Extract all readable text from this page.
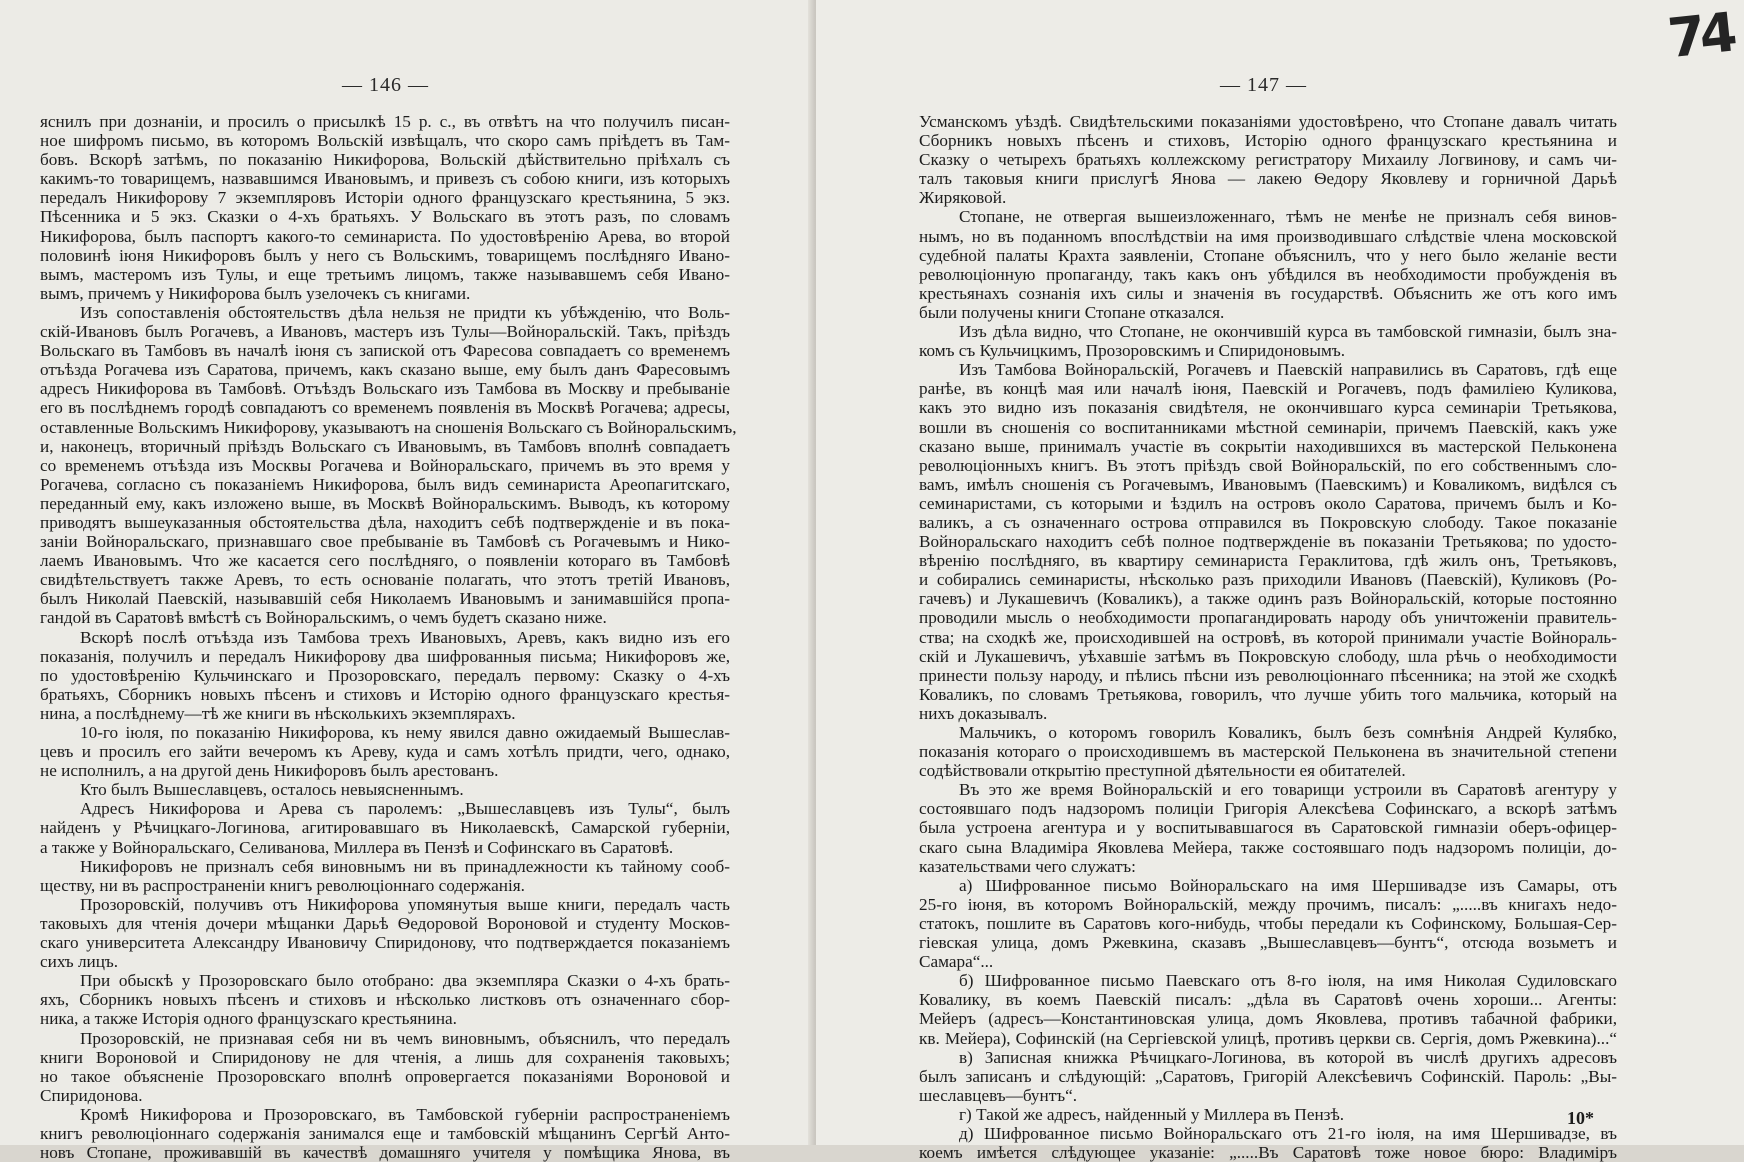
— 146 —
яснилъ при дознаніи, и просилъ о присылкѣ 15 р. с., въ отвѣтъ на что получилъ писан-
ное шифромъ письмо, въ которомъ Вольскій извѣщалъ, что скоро самъ пріѣдетъ въ Там-
бовъ. Вскорѣ затѣмъ, по показанію Никифорова, Вольскій дѣйствительно пріѣхалъ съ
какимъ-то товарищемъ, назвавшимся Ивановымъ, и привезъ съ собою книги, изъ которыхъ
передалъ Никифорову 7 экземпляровъ Исторіи одного французскаго крестьянина, 5 экз.
Пѣсенника и 5 экз. Сказки о 4-хъ братьяхъ. У Вольскаго въ этотъ разъ, по словамъ
Никифорова, былъ паспортъ какого-то семинариста. По удостовѣренію Арева, во второй
половинѣ іюня Никифоровъ былъ у него съ Вольскимъ, товарищемъ послѣдняго Ивано-
вымъ, мастеромъ изъ Тулы, и еще третьимъ лицомъ, также называвшемъ себя Ивано-
вымъ, причемъ у Никифорова былъ узелочекъ съ книгами.
Изъ сопоставленія обстоятельствъ дѣла нельзя не придти къ убѣжденію, что Воль-
скій-Ивановъ былъ Рогачевъ, а Ивановъ, мастеръ изъ Тулы—Войноральскій. Такъ, пріѣздъ
Вольскаго въ Тамбовъ въ началѣ іюня съ запиской отъ Фаресова совпадаетъ со временемъ
отъѣзда Рогачева изъ Саратова, причемъ, какъ сказано выше, ему былъ данъ Фаресовымъ
адресъ Никифорова въ Тамбовѣ. Отъѣздъ Вольскаго изъ Тамбова въ Москву и пребываніе
его въ послѣднемъ городѣ совпадаютъ со временемъ появленія въ Москвѣ Рогачева; адресы,
оставленные Вольскимъ Никифорову, указываютъ на сношенія Вольскаго съ Войноральскимъ,
и, наконецъ, вторичный пріѣздъ Вольскаго съ Ивановымъ, въ Тамбовъ вполнѣ совпадаетъ
со временемъ отъѣзда изъ Москвы Рогачева и Войноральскаго, причемъ въ это время у
Рогачева, согласно съ показаніемъ Никифорова, былъ видъ семинариста Ареопагитскаго,
переданный ему, какъ изложено выше, въ Москвѣ Войноральскимъ. Выводъ, къ которому
приводятъ вышеуказанныя обстоятельства дѣла, находитъ себѣ подтвержденіе и въ пока-
заніи Войноральскаго, признавшаго свое пребываніе въ Тамбовѣ съ Рогачевымъ и Нико-
лаемъ Ивановымъ. Что же касается сего послѣдняго, о появленіи котораго въ Тамбовѣ
свидѣтельствуетъ также Аревъ, то есть основаніе полагать, что этотъ третій Ивановъ,
былъ Николай Паевскій, называвшій себя Николаемъ Ивановымъ и занимавшійся пропа-
гандой въ Саратовѣ вмѣстѣ съ Войноральскимъ, о чемъ будетъ сказано ниже.
Вскорѣ послѣ отъѣзда изъ Тамбова трехъ Ивановыхъ, Аревъ, какъ видно изъ его
показанія, получилъ и передалъ Никифорову два шифрованныя письма; Никифоровъ же,
по удостовѣренію Кульчинскаго и Прозоровскаго, передалъ первому: Сказку о 4-хъ
братьяхъ, Сборникъ новыхъ пѣсенъ и стиховъ и Исторію одного французскаго крестья-
нина, а послѣднему—тѣ же книги въ нѣсколькихъ экземплярахъ.
10-го іюля, по показанію Никифорова, къ нему явился давно ожидаемый Вышеслав-
цевъ и просилъ его зайти вечеромъ къ Ареву, куда и самъ хотѣлъ придти, чего, однако,
не исполнилъ, а на другой день Никифоровъ былъ арестованъ.
Кто былъ Вышеславцевъ, осталось невыясненнымъ.
Адресъ Никифорова и Арева съ паролемъ: „Вышеславцевъ изъ Тулы“, былъ
найденъ у Рѣчицкаго-Логинова, агитировавшаго въ Николаевскѣ, Самарской губерніи,
а также у Войноральскаго, Селиванова, Миллера въ Пензѣ и Софинскаго въ Саратовѣ.
Никифоровъ не призналъ себя виновнымъ ни въ принадлежности къ тайному сооб-
ществу, ни въ распространеніи книгъ революціоннаго содержанія.
Прозоровскій, получивъ отъ Никифорова упомянутыя выше книги, передалъ часть
таковыхъ для чтенія дочери мѣщанки Дарьѣ Ѳедоровой Вороновой и студенту Москов-
скаго университета Александру Ивановичу Спиридонову, что подтверждается показаніемъ
сихъ лицъ.
При обыскѣ у Прозоровскаго было отобрано: два экземпляра Сказки о 4-хъ брать-
яхъ, Сборникъ новыхъ пѣсенъ и стиховъ и нѣсколько листковъ отъ означеннаго сбор-
ника, а также Исторія одного французскаго крестьянина.
Прозоровскій, не признавая себя ни въ чемъ виновнымъ, объяснилъ, что передалъ
книги Вороновой и Спиридонову не для чтенія, а лишь для сохраненія таковыхъ;
но такое объясненіе Прозоровскаго вполнѣ опровергается показаніями Вороновой и
Спиридонова.
Кромѣ Никифорова и Прозоровскаго, въ Тамбовской губерніи распространеніемъ
книгъ революціоннаго содержанія занимался еще и тамбовскій мѣщанинъ Сергѣй Анто-
новъ Стопане, проживавшій въ качествѣ домашняго учителя у помѣщика Янова, въ
— 147 —
Усманскомъ уѣздѣ. Свидѣтельскими показаніями удостовѣрено, что Стопане давалъ читать
Сборникъ новыхъ пѣсенъ и стиховъ, Исторію одного французскаго крестьянина и
Сказку о четырехъ братьяхъ коллежскому регистратору Михаилу Логвинову, и самъ чи-
талъ таковыя книги прислугѣ Янова — лакею Ѳедору Яковлеву и горничной Дарьѣ
Жиряковой.
Стопане, не отвергая вышеизложеннаго, тѣмъ не менѣе не призналъ себя винов-
нымъ, но въ поданномъ впослѣдствіи на имя производившаго слѣдствіе члена московской
судебной палаты Крахта заявленіи, Стопане объяснилъ, что у него было желаніе вести
революціонную пропаганду, такъ какъ онъ убѣдился въ необходимости пробужденія въ
крестьянахъ сознанія ихъ силы и значенія въ государствѣ. Объяснить же отъ кого имъ
были получены книги Стопане отказался.
Изъ дѣла видно, что Стопане, не окончившій курса въ тамбовской гимназіи, былъ зна-
комъ съ Кульчицкимъ, Прозоровскимъ и Спиридоновымъ.
Изъ Тамбова Войноральскій, Рогачевъ и Паевскій направились въ Саратовъ, гдѣ еще
ранѣе, въ концѣ мая или началѣ іюня, Паевскій и Рогачевъ, подъ фамиліею Куликова,
какъ это видно изъ показанія свидѣтеля, не окончившаго курса семинаріи Третьякова,
вошли въ сношенія со воспитанниками мѣстной семинаріи, причемъ Паевскій, какъ уже
сказано выше, принималъ участіе въ сокрытіи находившихся въ мастерской Пельконена
революціонныхъ книгъ. Въ этотъ пріѣздъ свой Войноральскій, по его собственнымъ сло-
вамъ, имѣлъ сношенія съ Рогачевымъ, Ивановымъ (Паевскимъ) и Коваликомъ, видѣлся съ
семинаристами, съ которыми и ѣздилъ на островъ около Саратова, причемъ былъ и Ко-
валикъ, а съ означеннаго острова отправился въ Покровскую слободу. Такое показаніе
Войноральскаго находитъ себѣ полное подтвержденіе въ показаніи Третьякова; по удосто-
вѣренію послѣдняго, въ квартиру семинариста Гераклитова, гдѣ жилъ онъ, Третьяковъ,
и собирались семинаристы, нѣсколько разъ приходили Ивановъ (Паевскій), Куликовъ (Ро-
гачевъ) и Лукашевичъ (Коваликъ), а также одинъ разъ Войноральскій, которые постоянно
проводили мысль о необходимости пропагандировать народу объ уничтоженіи правитель-
ства; на сходкѣ же, происходившей на островѣ, въ которой принимали участіе Войнораль-
скій и Лукашевичъ, уѣхавшіе затѣмъ въ Покровскую слободу, шла рѣчь о необходимости
принести пользу народу, и пѣлись пѣсни изъ революціоннаго пѣсенника; на этой же сходкѣ
Коваликъ, по словамъ Третьякова, говорилъ, что лучше убить того мальчика, который на
нихъ доказывалъ.
Мальчикъ, о которомъ говорилъ Коваликъ, былъ безъ сомнѣнія Андрей Кулябко,
показанія котораго о происходившемъ въ мастерской Пельконена въ значительной степени
содѣйствовали открытію преступной дѣятельности ея обитателей.
Въ это же время Войноральскій и его товарищи устроили въ Саратовѣ агентуру у
состоявшаго подъ надзоромъ полиціи Григорія Алексѣева Софинскаго, а вскорѣ затѣмъ
была устроена агентура и у воспитывавшагося въ Саратовской гимназіи оберъ-офицер-
скаго сына Владиміра Яковлева Мейера, также состоявшаго подъ надзоромъ полиціи, до-
казательствами чего служатъ:
а) Шифрованное письмо Войноральскаго на имя Шершивадзе изъ Самары, отъ
25-го іюня, въ которомъ Войноральскій, между прочимъ, писалъ: „.....въ книгахъ недо-
статокъ, пошлите въ Саратовъ кого-нибудь, чтобы передали къ Софинскому, Большая-Сер-
гіевская улица, домъ Ржевкина, сказавъ „Вышеславцевъ—бунтъ“, отсюда возьметъ и
Самара“...
б) Шифрованное письмо Паевскаго отъ 8-го іюля, на имя Николая Судиловскаго
Ковалику, въ коемъ Паевскій писалъ: „дѣла въ Саратовѣ очень хороши... Агенты:
Мейеръ (адресъ—Константиновская улица, домъ Яковлева, противъ табачной фабрики,
кв. Мейера), Софинскій (на Сергіевской улицѣ, противъ церкви св. Сергія, домъ Ржевкина)...“
в) Записная книжка Рѣчицкаго-Логинова, въ которой въ числѣ другихъ адресовъ
былъ записанъ и слѣдующій: „Саратовъ, Григорій Алексѣевичъ Софинскій. Пароль: „Вы-
шеславцевъ—бунтъ“.
г) Такой же адресъ, найденный у Миллера въ Пензѣ.
д) Шифрованное письмо Войноральскаго отъ 21-го іюля, на имя Шершивадзе, въ
коемъ имѣется слѣдующее указаніе: „.....Въ Саратовѣ тоже новое бюро: Владиміръ
74
10*
